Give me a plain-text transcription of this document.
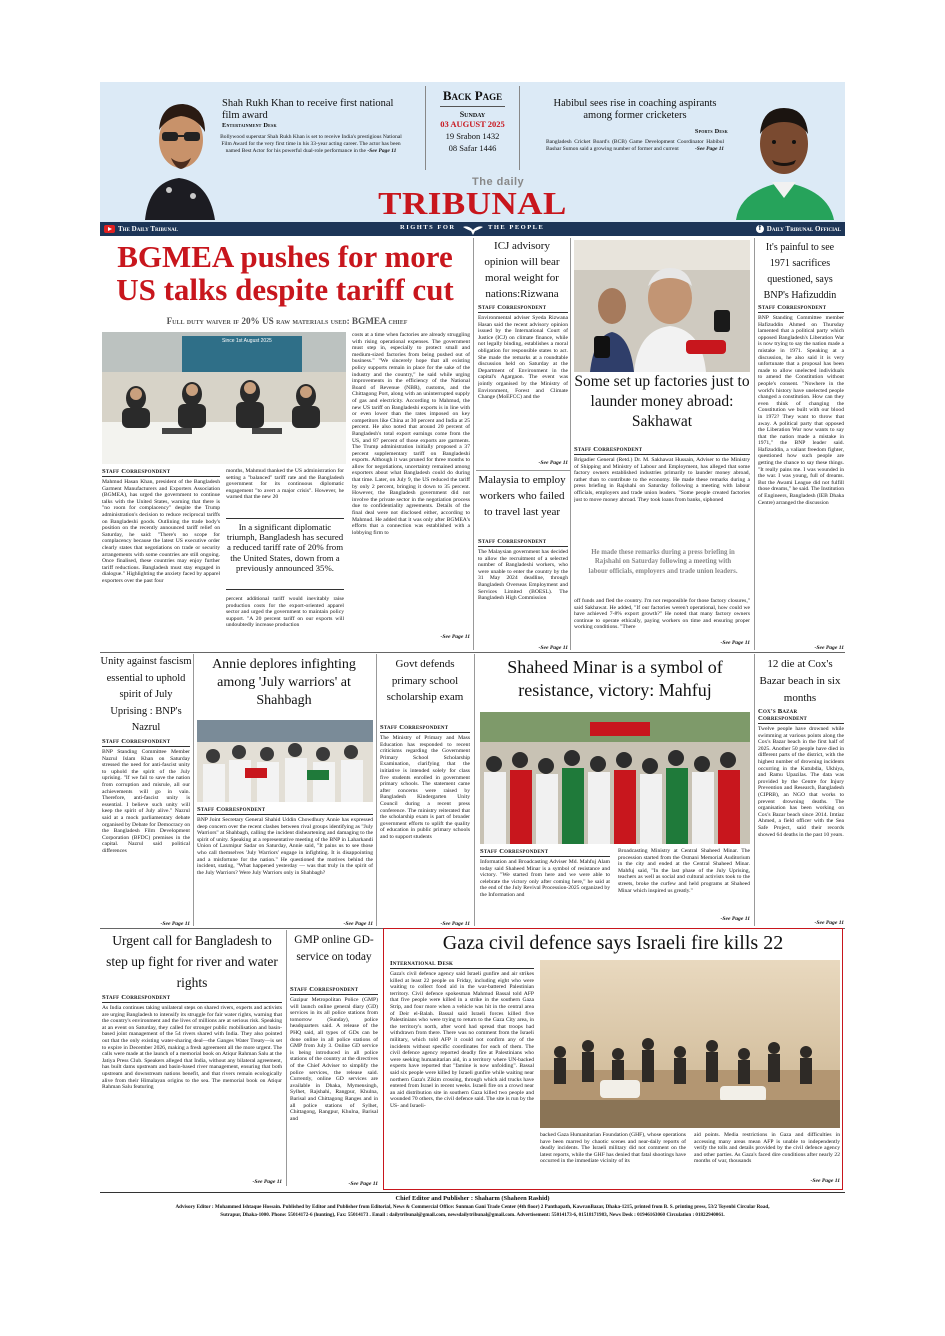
Shah Rukh Khan to receive first national film award
Entertainment Desk
Bollywood superstar Shah Rukh Khan is set to receive India's prestigious National Film Award for the very first time in his 33-year acting career. The actor has been named Best Actor for his powerful dual-role performance in the -See Page 11
Back Page
Sunday
03 AUGUST 2025
19 Srabon 1432
08 Safar 1446
Habibul sees rise in coaching aspirants among former cricketers
Sports Desk
Bangladesh Cricket Board's (BCB) Game Development Coordinator Habibul Bashar Sumon said a growing number of former and current	-See Page 11
The daily
TRIBUNAL
The Daily Tribunal	RIGHTS FOR	THE PEOPLE	f Daily Tribunal Official
BGMEA pushes for more US talks despite tariff cut
Full duty waiver if 20% US raw materials used: BGMEA chief
Since 1st August 2025
Staff Correspondent
Mahmud Hasan Khan, president of the Bangladesh Garment Manufacturers and Exporters Association (BGMEA), has urged the government to continue talks with the United States, warning that there is "no room for complacency" despite the Trump administration's decision to reduce reciprocal tariffs on Bangladeshi goods. Outlining the trade body's position on the recently announced tariff relief on Saturday, he said: "There's no scope for complacency because the latest US executive order clearly states that negotiations on trade or security arrangements with some countries are still ongoing. Once finalised, these countries may enjoy further tariff reductions. Bangladesh must stay engaged in dialogue." Highlighting the anxiety faced by apparel exporters over the past four
months, Mahmud thanked the US administration for setting a "balanced" tariff rate and the Bangladesh government for its continuous diplomatic engagement "to avert a major crisis". However, he warned that the new 20
In a significant diplomatic triumph, Bangladesh has secured a reduced tariff rate of 20% from the United States, down from a previously announced 35%.
percent additional tariff would inevitably raise production costs for the export-oriented apparel sector and urged the government to maintain policy support. "A 20 percent tariff on our exports will undoubtedly increase production
costs at a time when factories are already struggling with rising operational expenses. The government must step in, especially to protect small and medium-sized factories from being pushed out of business." "We sincerely hope that all existing policy supports remain in place for the sake of the industry and the country," he said while urging improvements in the efficiency of the National Board of Revenue (NBR), customs, and the Chittagong Port, along with an uninterrupted supply of gas and electricity. According to Mahmud, the new US tariff on Bangladeshi exports is in line with or even lower than the rates imposed on key competitors like China at 30 percent and India at 25 percent. He also noted that around 20 percent of Bangladesh's total export earnings come from the US, and 87 percent of those exports are garments. The Trump administration initially proposed a 37 percent supplementary tariff on Bangladeshi exports. Although it was pruned for three months to allow for negotiations, uncertainty remained among exporters about what Bangladesh could do during that time. Later, on July 9, the US reduced the tariff by only 2 percent, bringing it down to 35 percent. However, the Bangladesh government did not involve the private sector in the negotiation process due to confidentiality agreements. Details of the final deal were not disclosed either, according to Mahmud. He added that it was only after BGMEA's efforts that a connection was established with a lobbying firm to
-See Page 11
ICJ advisory opinion will bear moral weight for nations:Rizwana
Staff Correspondent
Environmental adviser Syeda Rizwana Hasan said the recent advisory opinion issued by the International Court of Justice (ICJ) on climate finance, while not legally binding, establishes a moral obligation for responsible states to act. She made the remarks at a roundtable discussion held on Saturday at the Department of Environment in the capital's Agargaon. The event was jointly organised by the Ministry of Environment, Forest and Climate Change (MoEFCC) and the
-See Page 11
Malaysia to employ workers who failed to travel last year
Staff Correspondent
The Malaysian government has decided to allow the recruitment of a selected number of Bangladeshi workers, who were unable to enter the country by the 31 May 2024 deadline, through Bangladesh Overseas Employment and Services Limited (BOESL). The Bangladesh High Commission
-See Page 11
Some set up factories just to launder money abroad: Sakhawat
Staff Correspondent
Brigadier General (Retd.) Dr. M. Sakhawat Hussain, Adviser to the Ministry of Shipping and Ministry of Labour and Employment, has alleged that some factory owners established industries primarily to launder money abroad, rather than to contribute to the economy. He made these remarks during a press briefing in Rajshahi on Saturday following a meeting with labour officials, employers and trade union leaders. "Some people created factories just to move money abroad. They took loans from banks, siphoned
He made these remarks during a press briefing in Rajshahi on Saturday following a meeting with labour officials, employers and trade union leaders.
off funds and fled the country. I'm not responsible for those factory closures," said Sakhawat. He added, "If our factories weren't operational, how could we have achieved 7-8% export growth?" He noted that many factory owners continue to operate ethically, paying workers on time and ensuring proper working conditions. "There
-See Page 11
It's painful to see 1971 sacrifices questioned, says BNP's Hafizuddin
Staff Correspondent
BNP Standing Committee member Hafizuddin Ahmed on Thursday lamented that a political party which opposed Bangladesh's Liberation War is now trying to say the nation made a mistake in 1971. Speaking at a discussion, he also said it is very unfortunate that a proposal has been made to allow unelected individuals to amend the Constitution without people's consent. "Nowhere in the world's history have unelected people changed a constitution. How can they even think of changing the Constitution we built with our blood in 1972? They want to throw that away. A political party that opposed the Liberation War now wants to say that the nation made a mistake in 1971," the BNP leader said. Hafizuddin, a valiant freedom fighter, questioned how such people are getting the chance to say these things. "It really pains me. I was wounded in the war. I was young, full of dreams. But the Awami League did not fulfill those dreams," he said. The Institution of Engineers, Bangladesh (IEB Dhaka Centre) arranged the discussion
-See Page 11
Unity against fascism essential to uphold spirit of July Uprising : BNP's Nazrul
Staff Correspondent
BNP Standing Committee Member Nazrul Islam Khan on Saturday stressed the need for anti-fascist unity to uphold the spirit of the July uprising. "If we fail to save the nation from corruption and misrule, all our achievements will go in vain. Therefore, anti-fascist unity is essential. I believe such unity will keep the spirit of July alive." Nazrul said at a mock parliamentary debate organised by Debate for Democracy on the Bangladesh Film Development Corporation (BFDC) premises in the capital. Nazrul said political differences
-See Page 11
Annie deplores infighting among 'July warriors' at Shahbagh
Staff Correspondent
BNP Joint Secretary General Shahid Uddin Chowdhury Annie has expressed deep concern over the recent clashes between rival groups identifying as "July Warriors" at Shahbagh, calling the incident disheartening and damaging to the spirit of unity. Speaking at a representative meeting of the BNP in Laharkandi Union of Laxmipur Sadar on Saturday, Annie said, "It pains us to see those who call themselves 'July Warriors' engage in infighting. It is disappointing and a misfortune for the nation." He questioned the motives behind the incident, stating, "What happened yesterday — was that truly in the spirit of the July Warriors? Were July Warriors only in Shahbagh?
-See Page 11
Govt defends primary school scholarship exam
Staff Correspondent
The Ministry of Primary and Mass Education has responded to recent criticisms regarding the Government Primary School Scholarship Examination, clarifying that the initiative is intended solely for class five students enrolled in government primary schools. The statement came after concerns were raised by Bangladesh Kindergarten Unity Council during a recent press conference. The ministry reiterated that the scholarship exam is part of broader government efforts to uplift the quality of education in public primary schools and to support students
-See Page 11
Shaheed Minar is a symbol of resistance, victory: Mahfuj
Staff Correspondent
Information and Broadcasting Adviser Md. Mahfuj Alam today said Shaheed Minar is a symbol of resistance and victory. "We started from here and we were able to celebrate the victory only after coming here," he said at the end of the July Revival Procession-2025 organized by the Information and
Broadcasting Ministry at Central Shaheed Minar. The procession started from the Osmani Memorial Auditorium in the city and ended at the Central Shaheed Minar. Mahfuj said, "In the last phase of the July Uprising, teachers as well as social and cultural activists took to the streets, broke the curfew and held programs at Shaheed Minar which inspired us greatly."
-See Page 11
12 die at Cox's Bazar beach in six months
Cox's Bazar Correspondent
Twelve people have drowned while swimming at various points along the Cox's Bazar beach in the first half of 2025. Another 50 people have died in different parts of the district, with the highest number of drowning incidents occurring in the Kutubdia, Ukhiya, and Ramu Upazilas. The data was provided by the Centre for Injury Prevention and Research, Bangladesh (CIPRB), an NGO that works to prevent drowning deaths. The organisation has been working on Cox's Bazar beach since 2014. Imtiaz Ahmed, a field officer with the Sea Safe Project, said their records showed 64 deaths in the past 10 years.
-See Page 11
Urgent call for Bangladesh to step up fight for river and water rights
Staff Correspondent
As India continues taking unilateral steps on shared rivers, experts and activists are urging Bangladesh to intensify its struggle for fair water rights, warning that the country's environment and the lives of millions are at serious risk. Speaking at an event on Saturday, they called for stronger public mobilisation and basin-based joint management of the 54 rivers shared with India. They also pointed out that the only existing water-sharing deal—the Ganges Water Treaty—is set to expire in December 2026, making a fresh agreement all the more urgent. The calls were made at the launch of a memorial book on Atiqur Rahman Salu at the Jatiya Press Club. Speakers alleged that India, without any bilateral agreement, has built dams upstream and basin-based river management, ensuring that both upstream and downstream nations benefit, and that rivers remain ecologically alive from their Himalayan origins to the sea. The memorial book on Atiqur Rahman Salu featuring
-See Page 11
GMP online GD-service on today
Staff Correspondent
Gazipur Metropolitan Police (GMP) will launch online general diary (GD) services in its all police stations from tomorrow (Sunday), police headquarters said. A release of the PHQ said, all types of GDs can be done online in all police stations of GMP from July 3. Online GD service is being introduced in all police stations of the country at the directives of the Chief Adviser to simplify the police services, the release said. Currently, online GD services are available in Dhaka, Mymensingh, Sylhet, Rajshahi, Rangpur, Khulna, Barisal and Chittagong Ranges and in all police stations of Sylhet, Chittagong, Rangpur, Khulna, Barisal and
-See Page 11
Gaza civil defence says Israeli fire kills 22
International Desk
Gaza's civil defence agency said Israeli gunfire and air strikes killed at least 22 people on Friday, including eight who were waiting to collect food aid in the war-battered Palestinian territory. Civil defence spokesman Mahmud Bassal told AFP that five people were killed in a strike in the southern Gaza Strip, and four more when a vehicle was hit in the central area of Deir el-Balah. Bassal said Israeli forces killed five Palestinians who were trying to return to the Gaza City area, in the territory's north, after word had spread that troops had withdrawn from there. There was no comment from the Israeli military, which told AFP it could not confirm any of the incidents without specific coordinates for each of them. The civil defence agency reported deadly fire at Palestinians who were seeking humanitarian aid, in a territory where UN-backed experts have reported that "famine is now unfolding". Bassal said six people were killed by Israeli gunfire while waiting near northern Gaza's Zikim crossing, through which aid trucks have entered from Israel in recent weeks. Israeli fire on a crowd near an aid distribution site in southern Gaza killed two people and wounded 70 others, the civil defence said. The site is run by the US- and Israeli-
backed Gaza Humanitarian Foundation (GHF), whose operations have been marred by chaotic scenes and near-daily reports of deadly incidents. The Israeli military did not comment on the latest reports, while the GHF has denied that fatal shootings have occurred in the immediate vicinity of its
aid points. Media restrictions in Gaza and difficulties in accessing many areas mean AFP is unable to independently verify the tolls and details provided by the civil defence agency and other parties. As Gaza's faced dire conditions after nearly 22 months of war, thousands
-See Page 11
Chief Editor and Publisher : Shaharm (Shaheen Rashid)
Advisory Editor : Mohammed Ishtaque Hossain. Published by Editor and Publisher from Editorial, News & Commercial Office: Sunman Gani Trade Center (4th floor) 2 Panthapath, KawranBazar, Dhaka-1215, printed from B. S. printing press, 53/2 Toyenbi Circular Road,
Sutrapur, Dhaka-1000. Phone: 55014172-6 (hunting), Fax: 55014173 . Email : dailytribunal@gmail.com, newsdailytribunal@gmail.com. Advertisement: 55014173-6, 01518171983, News Desk : 01946163060 Circulation : 01822940061.
